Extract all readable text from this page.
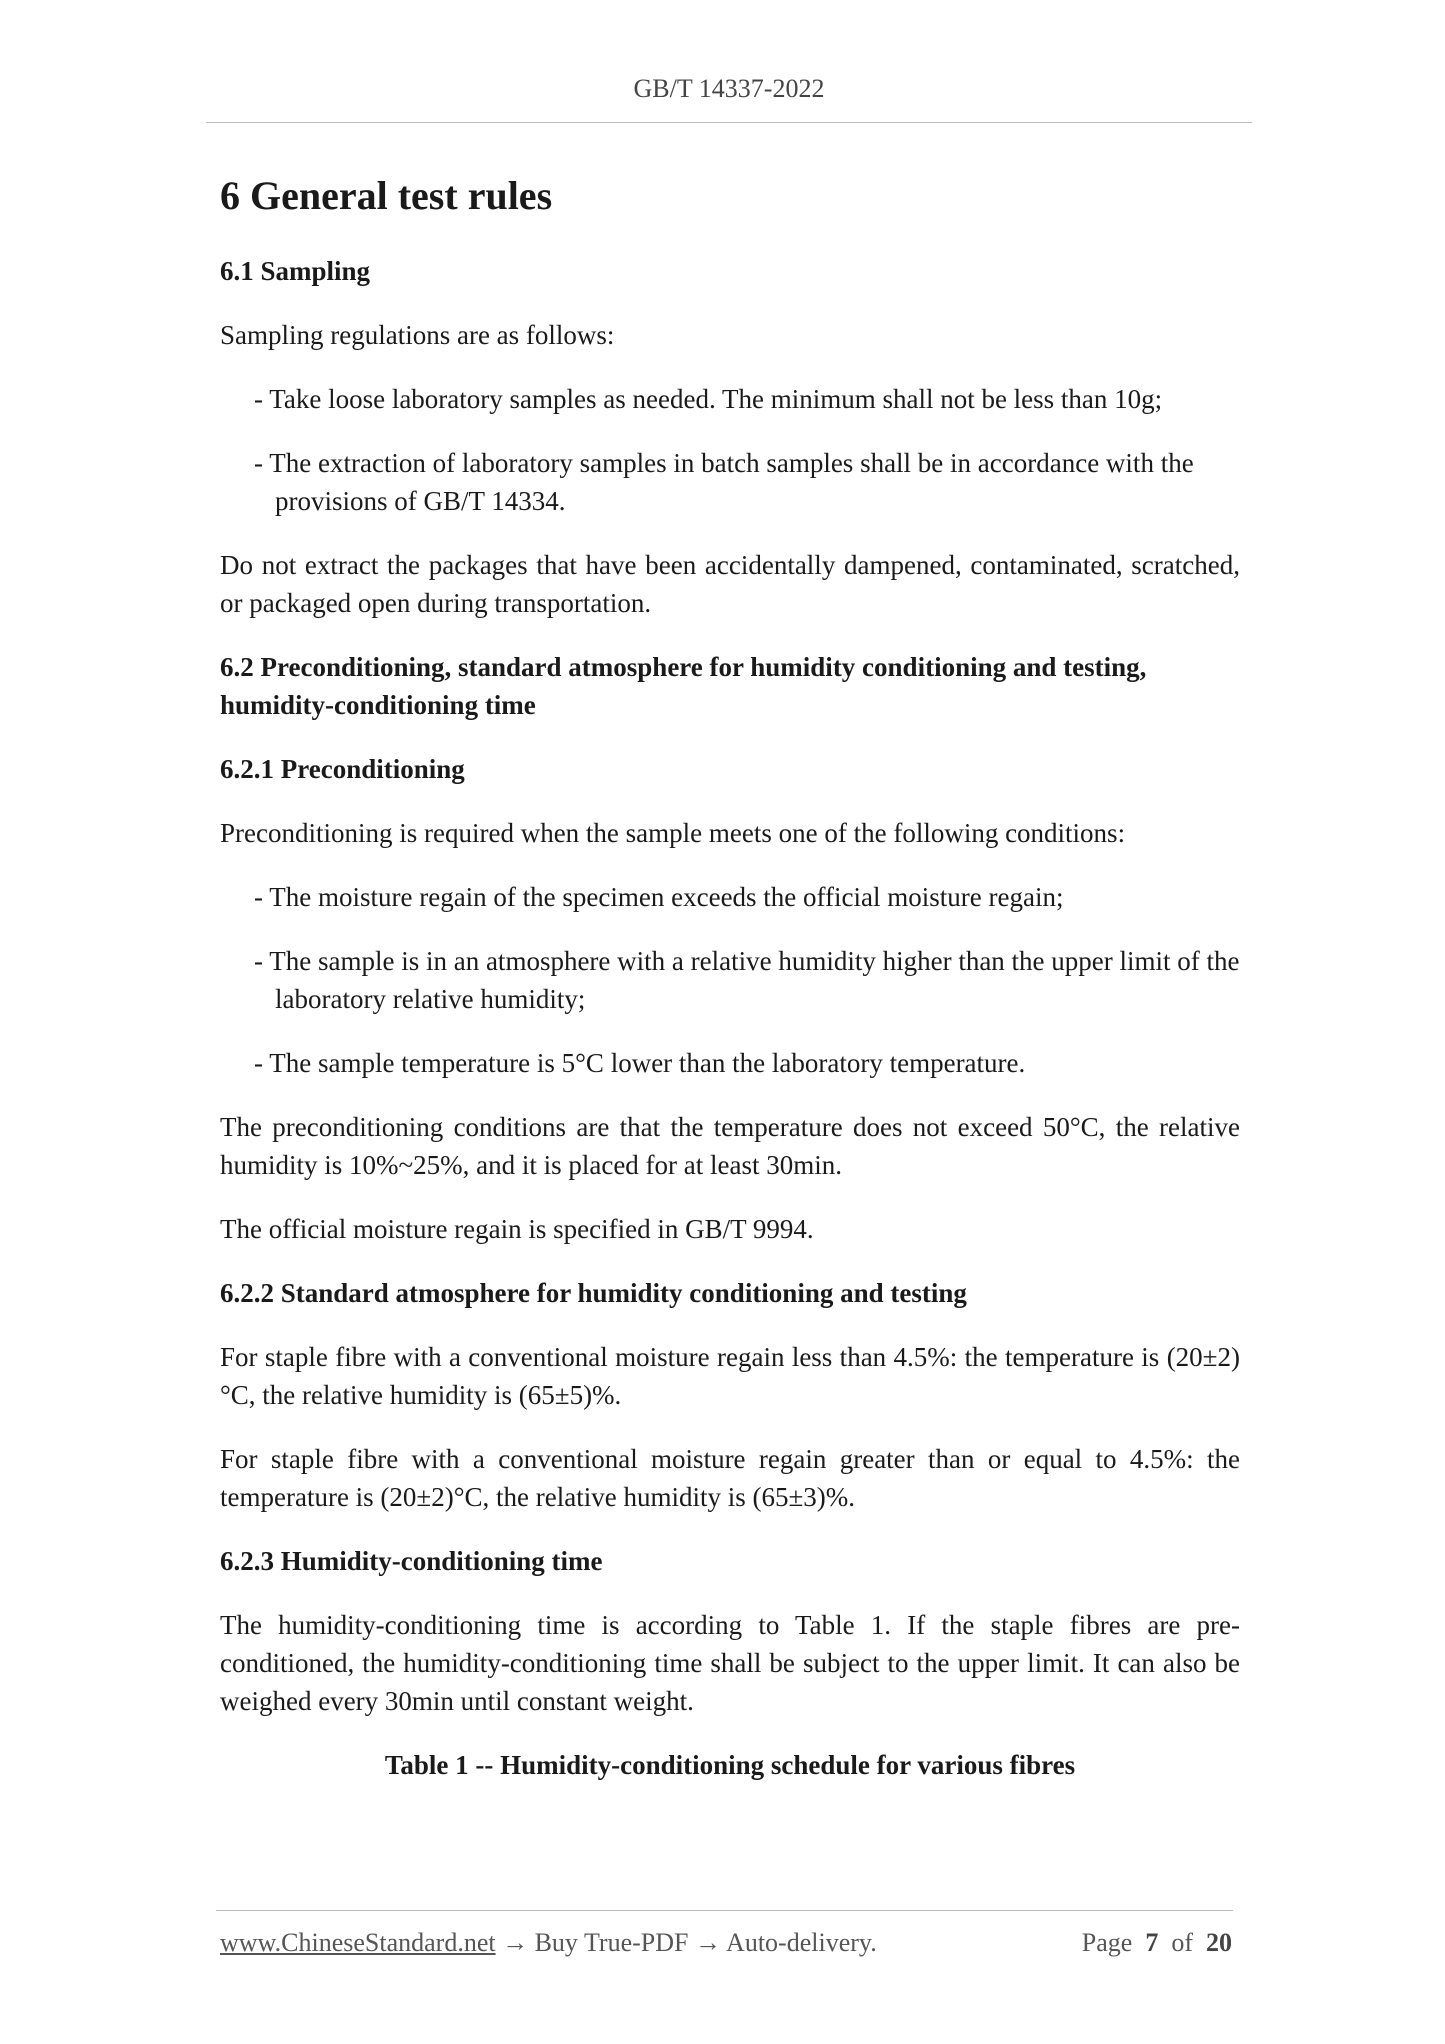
GB/T 14337-2022
6 General test rules
6.1 Sampling

Sampling regulations are as follows:

- Take loose laboratory samples as needed. The minimum shall not be less than 10g;
- The extraction of laboratory samples in batch samples shall be in accordance with the provisions of GB/T 14334.

Do not extract the packages that have been accidentally dampened, contaminated, scratched, or packaged open during transportation.

6.2 Preconditioning, standard atmosphere for humidity conditioning and testing, humidity-conditioning time
6.2.1 Preconditioning

Preconditioning is required when the sample meets one of the following conditions:

- The moisture regain of the specimen exceeds the official moisture regain;
- The sample is in an atmosphere with a relative humidity higher than the upper limit of the laboratory relative humidity;
- The sample temperature is 5°C lower than the laboratory temperature.

The preconditioning conditions are that the temperature does not exceed 50°C, the relative humidity is 10%~25%, and it is placed for at least 30min.

The official moisture regain is specified in GB/T 9994.

6.2.2 Standard atmosphere for humidity conditioning and testing

For staple fibre with a conventional moisture regain less than 4.5%: the temperature is (20±2)°C, the relative humidity is (65±5)%.

For staple fibre with a conventional moisture regain greater than or equal to 4.5%: the temperature is (20±2)°C, the relative humidity is (65±3)%.

6.2.3 Humidity-conditioning time

The humidity-conditioning time is according to Table 1. If the staple fibres are pre-conditioned, the humidity-conditioning time shall be subject to the upper limit. It can also be weighed every 30min until constant weight.

Table 1 -- Humidity-conditioning schedule for various fibres
www.ChineseStandard.net → Buy True-PDF → Auto-delivery.	Page 7 of 20
